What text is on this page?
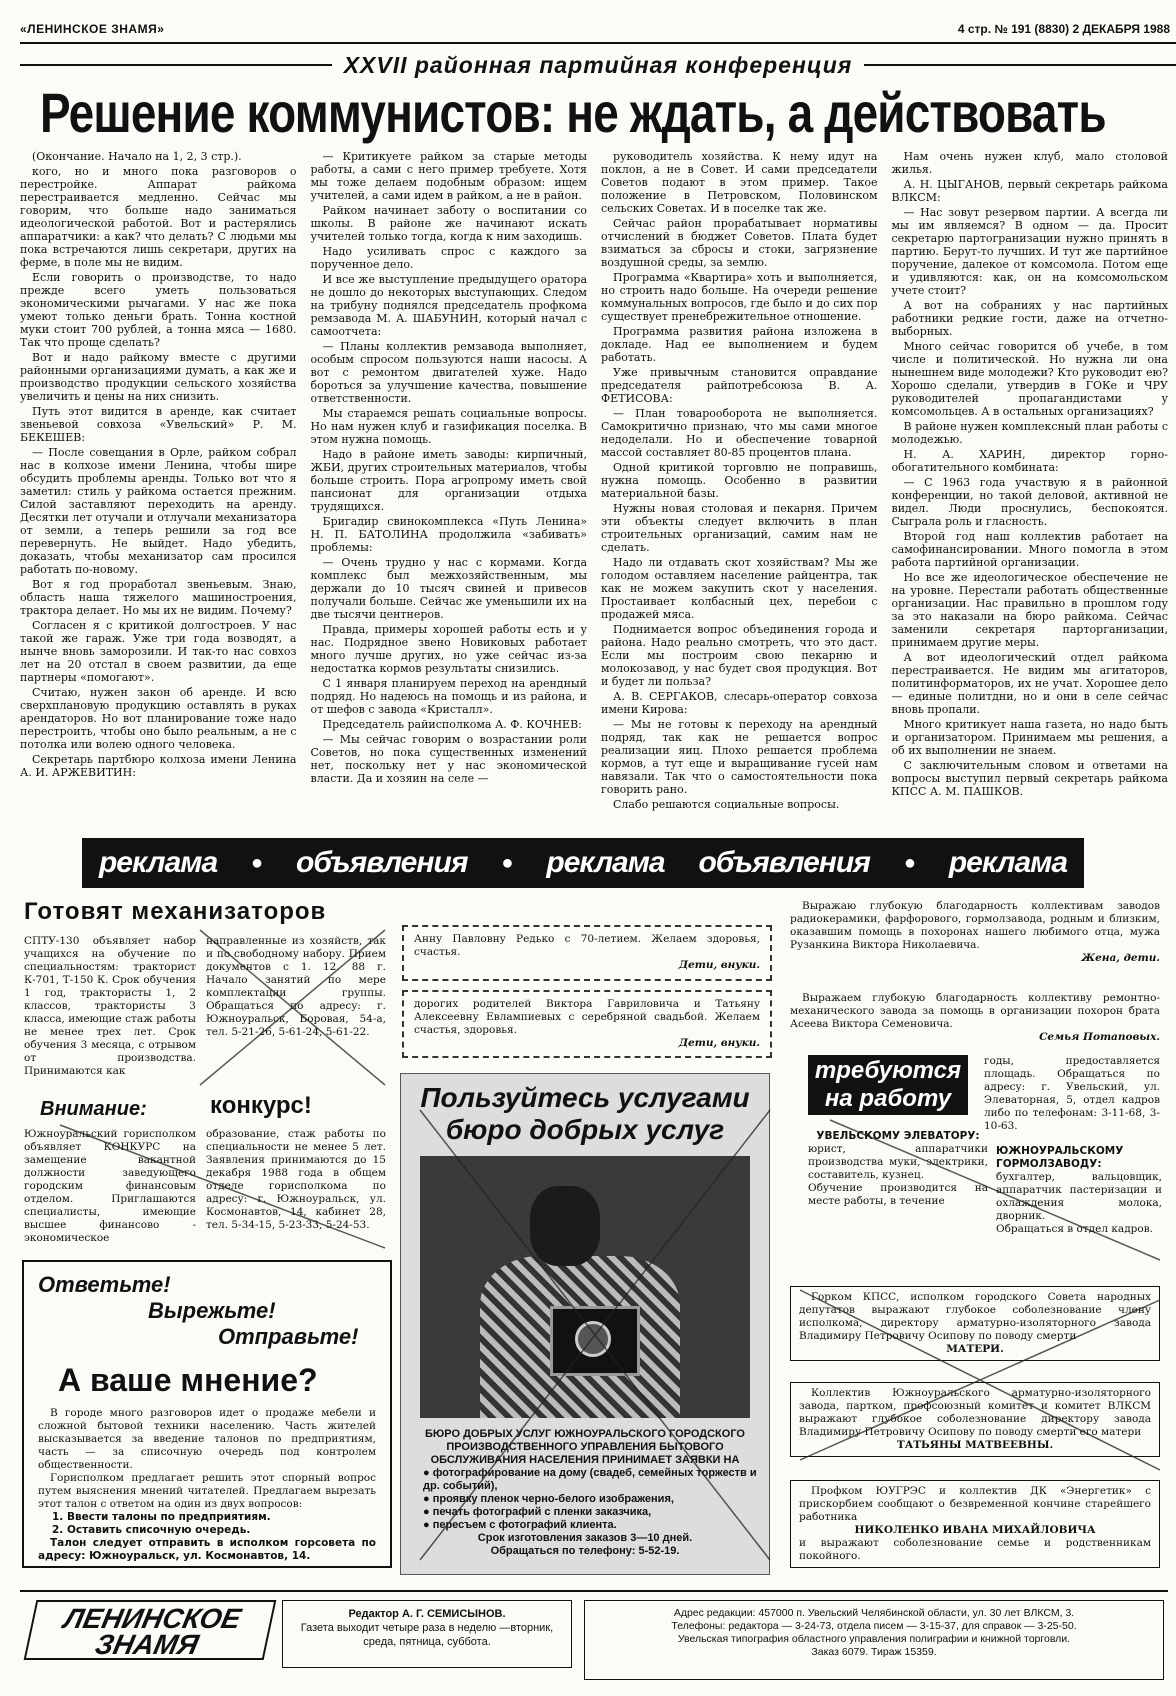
«ЛЕНИНСКОЕ ЗНАМЯ»	4 стр. № 191 (8830) 2 ДЕКАБРЯ 1988
XXVII районная партийная конференция
Решение коммунистов: не ждать, а действовать

(Окончание. Начало на 1, 2, 3 стр.).

кого, но и много пока разговоров о перестройке. Аппарат райкома перестраивается медленно. Сейчас мы говорим, что больше надо заниматься идеологической работой. Вот и растерялись аппаратчики: а как? что делать? С людьми мы пока встречаются лишь секретари, других на ферме, в поле мы не видим.

Если говорить о производстве, то надо прежде всего уметь пользоваться экономическими рычагами. У нас же пока умеют только деньги брать. Тонна костной муки стоит 700 рублей, а тонна мяса — 1680. Так что проще сделать?

Вот и надо райкому вместе с другими районными организациями думать, а как же и производство продукции сельского хозяйства увеличить и цены на них снизить.

Путь этот видится в аренде, как считает звеньевой совхоза «Увельский» Р. М. БЕКЕШЕВ:

— После совещания в Орле, райком собрал нас в колхозе имени Ленина, чтобы шире обсудить проблемы аренды. Только вот что я заметил: стиль у райкома остается прежним. Силой заставляют переходить на аренду. Десятки лет отучали и отлучали механизатора от земли, а теперь решили за год все перевернуть. Не выйдет. Надо убедить, доказать, чтобы механизатор сам просился работать по-новому.

Вот я год проработал звеньевым. Знаю, область наша тяжелого машиностроения, трактора делает. Но мы их не видим. Почему?

Согласен я с критикой долгостроев. У нас такой же гараж. Уже три года возводят, а нынче вновь заморозили. И так-то нас совхоз лет на 20 отстал в своем развитии, да еще партнеры «помогают».

Считаю, нужен закон об аренде. И всю сверхплановую продукцию оставлять в руках арендаторов. Но вот планирование тоже надо перестроить, чтобы оно было реальным, а не с потолка или волею одного человека.

Секретарь партбюро колхоза имени Ленина А. И. АРЖЕВИТИН:

— Критикуете райком за старые методы работы, а сами с него пример требуете. Хотя мы тоже делаем подобным образом: ищем учителей, а сами идем в райком, а не в район.

Райком начинает заботу о воспитании со школы. В районе же начинают искать учителей только тогда, когда к ним заходишь.

Надо усиливать спрос с каждого за порученное дело.

И все же выступление предыдущего оратора не дошло до некоторых выступающих. Следом на трибуну поднялся председатель профкома ремзавода М. А. ШАБУНИН, который начал с самоотчета:

— Планы коллектив ремзавода выполняет, особым спросом пользуются наши насосы. А вот с ремонтом двигателей хуже. Надо бороться за улучшение качества, повышение ответственности.

Мы стараемся решать социальные вопросы. Но нам нужен клуб и газификация поселка. В этом нужна помощь.

Надо в районе иметь заводы: кирпичный, ЖБИ, других строительных материалов, чтобы больше строить. Пора агропрому иметь свой пансионат для организации отдыха трудящихся.

Бригадир свинокомплекса «Путь Ленина» Н. П. БАТОЛИНА продолжила «забивать» проблемы:

— Очень трудно у нас с кормами. Когда комплекс был межхозяйственным, мы держали до 10 тысяч свиней и привесов получали больше. Сейчас же уменьшили их на две тысячи центнеров.

Правда, примеры хорошей работы есть и у нас. Подрядное звено Новиковых работает много лучше других, но уже сейчас из-за недостатка кормов результаты снизились.

С 1 января планируем переход на арендный подряд. Но надеюсь на помощь и из района, и от шефов с завода «Кристалл».

Председатель райисполкома А. Ф. КОЧНЕВ:

— Мы сейчас говорим о возрастании роли Советов, но пока существенных изменений нет, поскольку нет у нас экономической власти. Да и хозяин на селе —

руководитель хозяйства. К нему идут на поклон, а не в Совет. И сами председатели Советов подают в этом пример. Такое положение в Петровском, Половинском сельских Советах. И в поселке так же.

Сейчас район прорабатывает нормативы отчислений в бюджет Советов. Плата будет взиматься за сбросы и стоки, загрязнение воздушной среды, за землю.

Программа «Квартира» хоть и выполняется, но строить надо больше. На очереди решение коммунальных вопросов, где было и до сих пор существует пренебрежительное отношение.

Программа развития района изложена в докладе. Над ее выполнением и будем работать.

Уже привычным становится оправдание председателя райпотребсоюза В. А. ФЕТИСОВА:

— План товарооборота не выполняется. Самокритично признаю, что мы сами многое недоделали. Но и обеспечение товарной массой составляет 80-85 процентов плана.

Одной критикой торговлю не поправишь, нужна помощь. Особенно в развитии материальной базы.

Нужны новая столовая и пекарня. Причем эти объекты следует включить в план строительных организаций, самим нам не сделать.

Надо ли отдавать скот хозяйствам? Мы же голодом оставляем население райцентра, так как не можем закупить скот у населения. Простаивает колбасный цех, перебои с продажей мяса.

Поднимается вопрос объединения города и района. Надо реально смотреть, что это даст. Если мы построим свою пекарню и молокозавод, у нас будет своя продукция. Вот и будет ли польза?

А. В. СЕРГАКОВ, слесарь-оператор совхоза имени Кирова:

— Мы не готовы к переходу на арендный подряд, так как не решается вопрос реализации яиц. Плохо решается проблема кормов, а тут еще и выращивание гусей нам навязали. Так что о самостоятельности пока говорить рано.

Слабо решаются социальные вопросы.

Нам очень нужен клуб, мало столовой жилья.

А. Н. ЦЫГАНОВ, первый секретарь райкома ВЛКСМ:

— Нас зовут резервом партии. А всегда ли мы им являемся? В одном — да. Просит секретарю партогранизации нужно принять в партию. Берут-то лучших. И тут же партийное поручение, далекое от комсомола. Потом еще и удивляются: как, он на комсомольском учете стоит?

А вот на собраниях у нас партийных работники редкие гости, даже на отчетно-выборных.

Много сейчас говорится об учебе, в том числе и политической. Но нужна ли она нынешнем виде молодежи? Кто руководит ею? Хорошо сделали, утвердив в ГОКе и ЧРУ руководителей пропагандистами у комсомольцев. А в остальных организациях?

В районе нужен комплексный план работы с молодежью.

Н. А. ХАРИН, директор горно-обогатительного комбината:

— С 1963 года участвую я в районной конференции, но такой деловой, активной не видел. Люди проснулись, беспокоятся. Сыграла роль и гласность.

Второй год наш коллектив работает на самофинансировании. Много помогла в этом работа партийной организации.

Но все же идеологическое обеспечение не на уровне. Перестали работать общественные организации. Нас правильно в прошлом году за это наказали на бюро райкома. Сейчас заменили секретаря парторганизации, принимаем другие меры.

А вот идеологический отдел райкома перестраивается. Не видим мы агитаторов, политинформаторов, их не учат. Хорошее дело — единые политдни, но и они в селе сейчас вновь пропали.

Много критикует наша газета, но надо быть и организатором. Принимаем мы решения, а об их выполнении не знаем.

С заключительным словом и ответами на вопросы выступил первый секретарь райкома КПСС А. М. ПАШКОВ.

реклама ● объявления ● реклама объявления ● реклама
Готовят механизаторов
СПТУ-130 объявляет набор учащихся на обучение по специальностям: тракторист К-701, Т-150 К. Срок обучения 1 год, трактористы 1, 2 классов, трактористы 3 класса, имеющие стаж работы не менее трех лет. Срок обучения 3 месяца, с отрывом от производства. Принимаются как
направленные из хозяйств, так и по свободному набору. Прием документов с 1. 12. 88 г. Начало занятий по мере комплектации группы. Обращаться по адресу: г. Южноуральск, Боровая, 54-а, тел. 5-21-26, 5-61-24, 5-61-22.
Внимание:	конкурс!
Южноуральский горисполком объявляет КОНКУРС на замещение вакантной должности заведующего городским финансовым отделом. Приглашаются специалисты, имеющие высшее финансово - экономическое
образование, стаж работы по специальности не менее 5 лет. Заявления принимаются до 15 декабря 1988 года в общем отделе горисполкома по адресу: г. Южноуральск, ул. Космонавтов, 14, кабинет 28, тел. 5-34-15, 5-23-33, 5-24-53.
Анну Павловну Редько с 70-летием. Желаем здоровья, счастья.
Дети, внуки.
дорогих родителей Виктора Гавриловича и Татьяну Алексеевну Евлампиевых с серебряной свадьбой. Желаем счастья, здоровья.
Дети, внуки.
Ответьте!
Вырежьте!
Отправьте!
А ваше мнение?
В городе много разговоров идет о продаже мебели и сложной бытовой техники населению. Часть жителей высказывается за введение талонов по предприятиям, часть — за списочную очередь под контролем общественности.
Горисполком предлагает решить этот спорный вопрос путем выяснения мнений читателей. Предлагаем вырезать этот талон с ответом на один из двух вопросов:
1. Ввести талоны по предприятиям.
2. Оставить списочную очередь.
Талон следует отправить в исполком горсовета по адресу: Южноуральск, ул. Космонавтов, 14.
Пользуйтесь услугами бюро добрых услуг
БЮРО ДОБРЫХ УСЛУГ ЮЖНОУРАЛЬСКОГО ГОРОДСКОГО ПРОИЗВОДСТВЕННОГО УПРАВЛЕНИЯ БЫТОВОГО ОБСЛУЖИВАНИЯ НАСЕЛЕНИЯ ПРИНИМАЕТ ЗАЯВКИ НА
● фотографирование на дому (свадеб, семейных торжеств и др. событий),
● проявку пленок черно-белого изображения,
● печать фотографий с пленки заказчика,
● пересъем с фотографий клиента.
Срок изготовления заказов 3—10 дней.
Обращаться по телефону: 5-52-19.
Выражаю глубокую благодарность коллективам заводов радиокерамики, фарфорового, гормолзавода, родным и близким, оказавшим помощь в похоронах нашего любимого отца, мужа Рузанкина Виктора Николаевича.
Жена, дети.
Выражаем глубокую благодарность коллективу ремонтно-механического завода за помощь в организации похорон брата Асеева Виктора Семеновича.
Семья Потаповых.
требуются
на работу
годы, предоставляется площадь. Обращаться по адресу: г. Увельский, ул. Элеваторная, 5, отдел кадров либо по телефонам: 3-11-68, 3-10-63.
УВЕЛЬСКОМУ ЭЛЕВАТОРУ:
юрист, аппаратчики производства муки, электрики, составитель, кузнец.
Обучение производится на месте работы, в течение
ЮЖНОУРАЛЬСКОМУ ГОРМОЛЗАВОДУ:
бухгалтер, вальцовщик, аппаратчик пастеризации и охлаждения молока, дворник.
Обращаться в отдел кадров.
Горком КПСС, исполком городского Совета народных депутатов выражают глубокое соболезнование члену исполкома, директору арматурно-изоляторного завода Владимиру Петровичу Осипову по поводу смерти
МАТЕРИ.
Коллектив Южноуральского арматурно-изоляторного завода, партком, профсоюзный комитет и комитет ВЛКСМ выражают глубокое соболезнование директору завода Владимиру Петровичу Осипову по поводу смерти его матери
ТАТЬЯНЫ МАТВЕЕВНЫ.
Профком ЮУГРЭС и коллектив ДК «Энергетик» с прискорбием сообщают о безвременной кончине старейшего работника
НИКОЛЕНКО ИВАНА МИХАЙЛОВИЧА
и выражают соболезнование семье и родственникам покойного.
ЛЕНИНСКОЕ
ЗНАМЯ
Редактор А. Г. СЕМИСЫНОВ.
Газета выходит четыре раза в неделю —вторник, среда, пятница, суббота.
Адрес редакции: 457000 п. Увельский Челябинской области, ул. 30 лет ВЛКСМ, 3.
Телефоны: редактора — 3-24-73, отдела писем — 3-15-37, для справок — 3-25-50.
Увельская типография областного управления полиграфии и книжной торговли.
Заказ 6079. Тираж 15359.
